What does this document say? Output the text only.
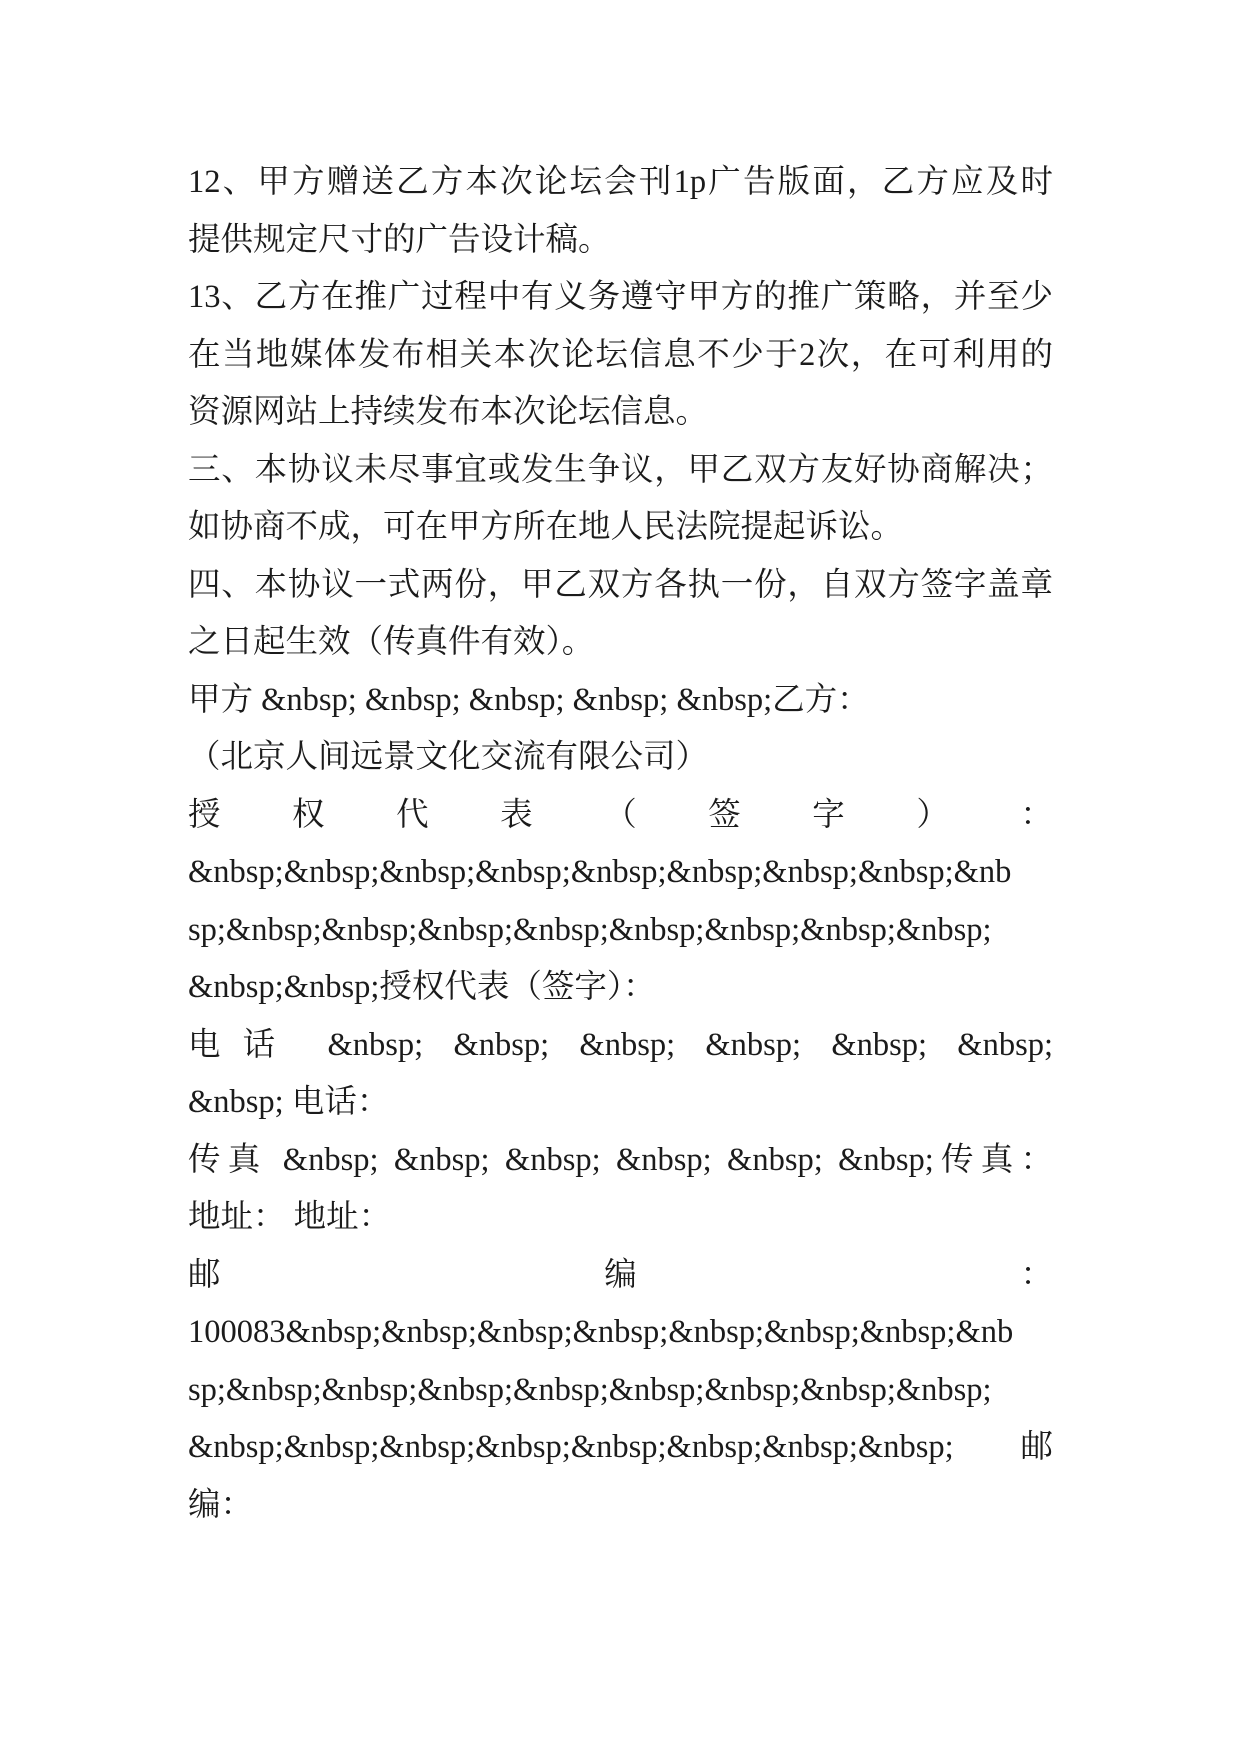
12、甲方赠送乙方本次论坛会刊1p广告版面，乙方应及时
提供规定尺寸的广告设计稿。
13、乙方在推广过程中有义务遵守甲方的推广策略，并至少
在当地媒体发布相关本次论坛信息不少于2次，在可利用的
资源网站上持续发布本次论坛信息。
三、本协议未尽事宜或发生争议，甲乙双方友好协商解决；
如协商不成，可在甲方所在地人民法院提起诉讼。
四、本协议一式两份，甲乙双方各执一份，自双方签字盖章
之日起生效（传真件有效）。
甲方 &nbsp; &nbsp; &nbsp; &nbsp; &nbsp;乙方：
（北京人间远景文化交流有限公司）
授 权 代 表 （ 签 字 ） ：
&nbsp;&nbsp;&nbsp;&nbsp;&nbsp;&nbsp;&nbsp;&nbsp;&nb
sp;&nbsp;&nbsp;&nbsp;&nbsp;&nbsp;&nbsp;&nbsp;&nbsp;
&nbsp;&nbsp;授权代表（签字）：
电话 &nbsp; &nbsp; &nbsp; &nbsp; &nbsp; &nbsp;
&nbsp; 电话：
传真 &nbsp; &nbsp; &nbsp; &nbsp; &nbsp; &nbsp;传真：
地址： 地址：
邮	编	：
100083&nbsp;&nbsp;&nbsp;&nbsp;&nbsp;&nbsp;&nbsp;&nb
sp;&nbsp;&nbsp;&nbsp;&nbsp;&nbsp;&nbsp;&nbsp;&nbsp;
&nbsp;&nbsp;&nbsp;&nbsp;&nbsp;&nbsp;&nbsp;&nbsp; 邮
编：
